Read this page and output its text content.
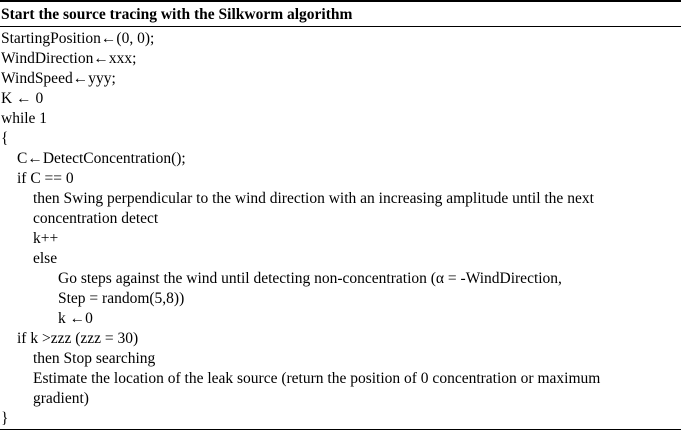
Start the source tracing with the Silkworm algorithm
StartingPosition←(0, 0);
WindDirection←xxx;
WindSpeed←yyy;
K ← 0
while 1
{
C←DetectConcentration();
if C == 0
then Swing perpendicular to the wind direction with an increasing amplitude until the next
concentration detect
k++
else
Go steps against the wind until detecting non-concentration (α = -WindDirection,
Step = random(5,8))
k ←0
if k >zzz (zzz = 30)
then Stop searching
Estimate the location of the leak source (return the position of 0 concentration or maximum
gradient)
}
